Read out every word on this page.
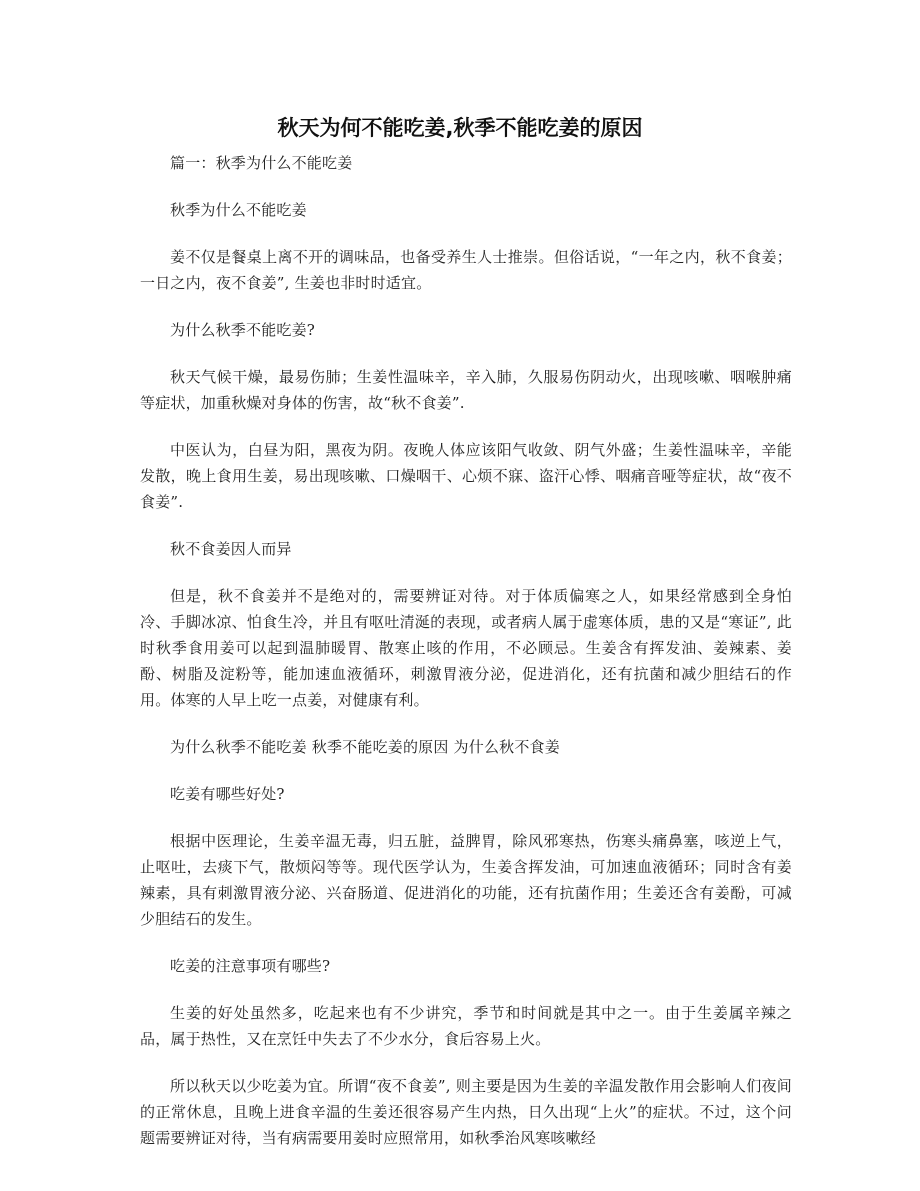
秋天为何不能吃姜,秋季不能吃姜的原因

篇一：秋季为什么不能吃姜

秋季为什么不能吃姜

姜不仅是餐桌上离不开的调味品，也备受养生人士推崇。但俗话说，“一年之内，秋不食姜；一日之内，夜不食姜”, 生姜也非时时适宜。

为什么秋季不能吃姜?

秋天气候干燥，最易伤肺；生姜性温味辛，辛入肺，久服易伤阴动火，出现咳嗽、咽喉肿痛等症状，加重秋燥对身体的伤害，故“秋不食姜”.

中医认为，白昼为阳，黑夜为阴。夜晚人体应该阳气收敛、阴气外盛；生姜性温味辛，辛能发散，晚上食用生姜，易出现咳嗽、口燥咽干、心烦不寐、盗汗心悸、咽痛音哑等症状，故“夜不食姜”.

秋不食姜因人而异

但是，秋不食姜并不是绝对的，需要辨证对待。对于体质偏寒之人，如果经常感到全身怕冷、手脚冰凉、怕食生冷，并且有呕吐清涎的表现，或者病人属于虚寒体质，患的又是“寒证”, 此时秋季食用姜可以起到温肺暖胃、散寒止咳的作用，不必顾忌。生姜含有挥发油、姜辣素、姜酚、树脂及淀粉等，能加速血液循环，刺激胃液分泌，促进消化，还有抗菌和减少胆结石的作用。体寒的人早上吃一点姜，对健康有利。

为什么秋季不能吃姜 秋季不能吃姜的原因 为什么秋不食姜

吃姜有哪些好处?

根据中医理论，生姜辛温无毒，归五脏，益脾胃，除风邪寒热，伤寒头痛鼻塞，咳逆上气，止呕吐，去痰下气，散烦闷等等。现代医学认为，生姜含挥发油，可加速血液循环；同时含有姜辣素，具有刺激胃液分泌、兴奋肠道、促进消化的功能，还有抗菌作用；生姜还含有姜酚，可减少胆结石的发生。

吃姜的注意事项有哪些?

生姜的好处虽然多，吃起来也有不少讲究，季节和时间就是其中之一。由于生姜属辛辣之品，属于热性，又在烹饪中失去了不少水分，食后容易上火。

所以秋天以少吃姜为宜。所谓“夜不食姜”, 则主要是因为生姜的辛温发散作用会影响人们夜间的正常休息，且晚上进食辛温的生姜还很容易产生内热，日久出现“上火”的症状。不过，这个问题需要辨证对待，当有病需要用姜时应照常用，如秋季治风寒咳嗽经
